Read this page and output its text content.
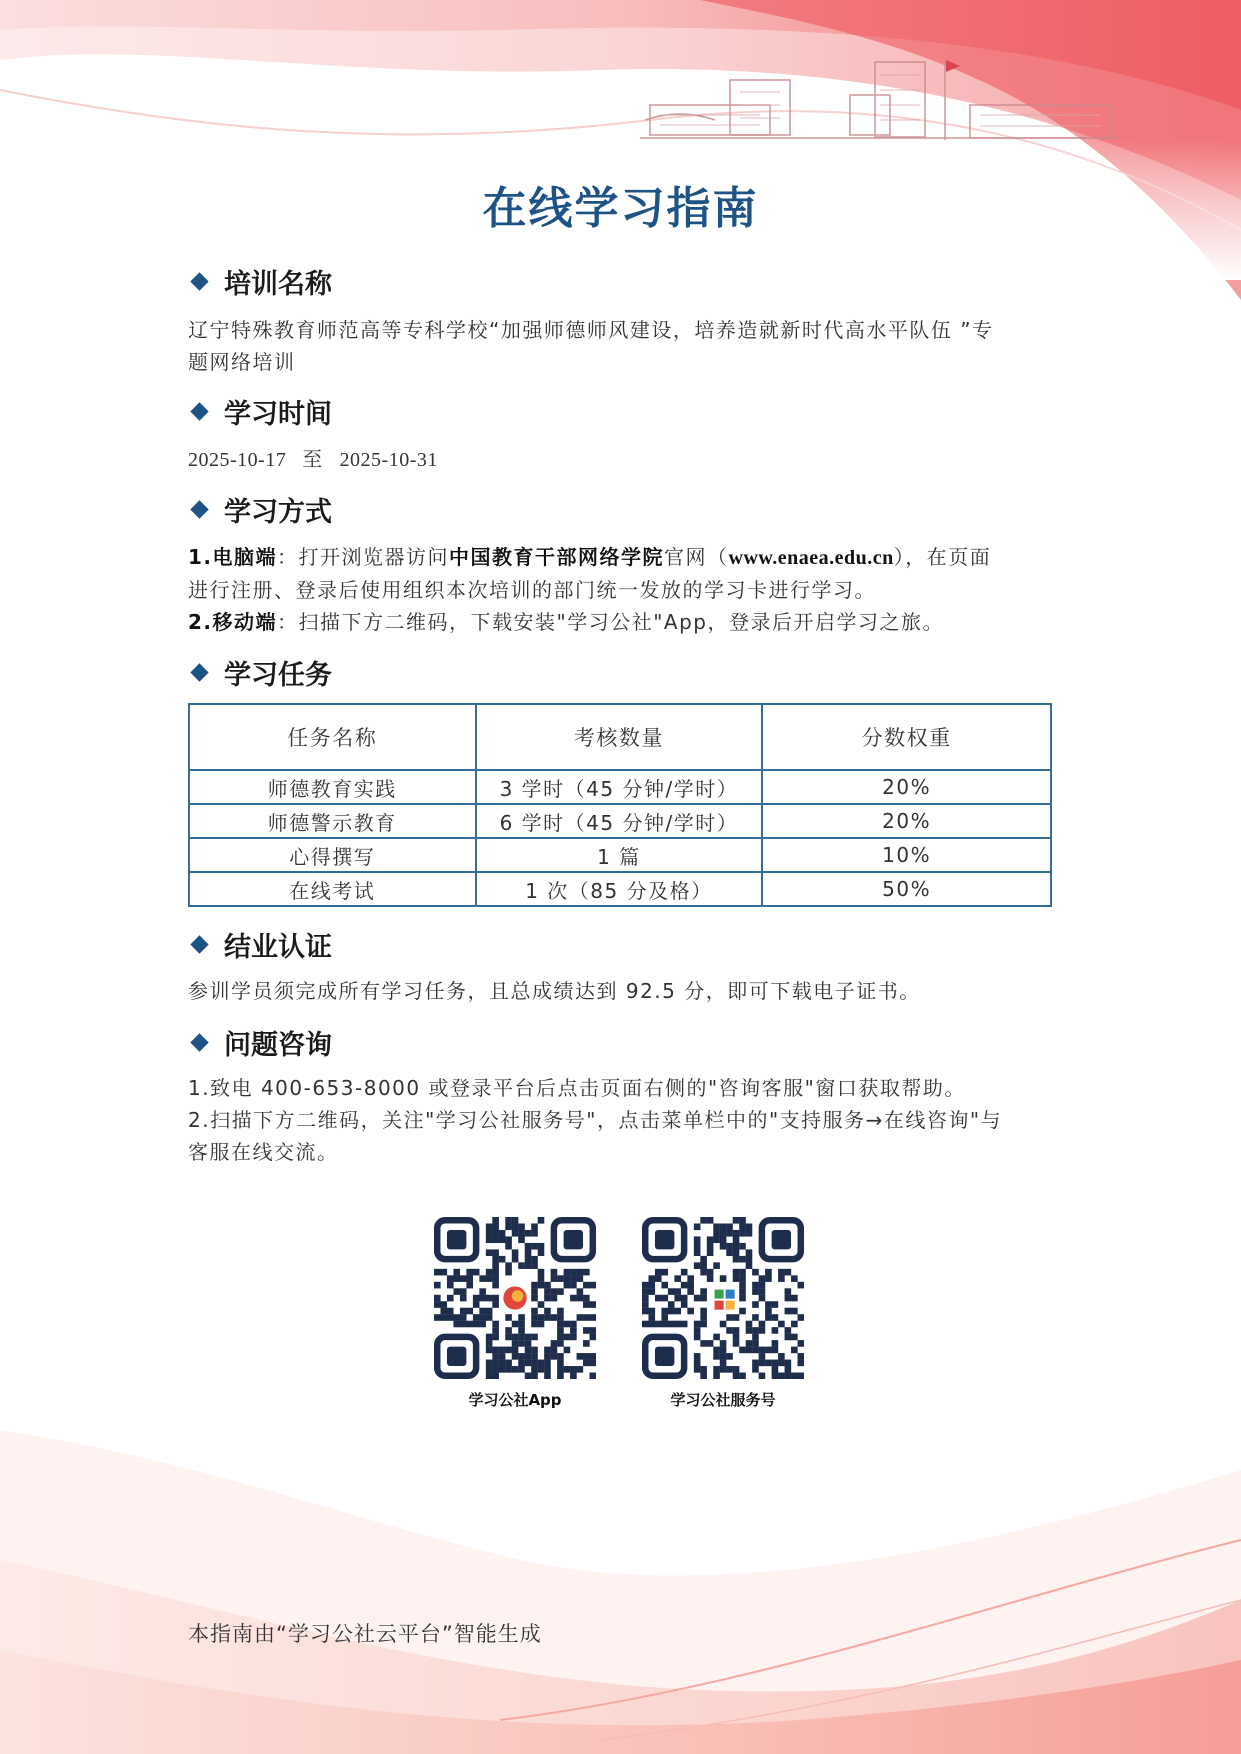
在线学习指南
培训名称
辽宁特殊教育师范高等专科学校“加强师德师风建设，培养造就新时代高水平队伍 ”专
题网络培训
学习时间
2025-10-17 至 2025-10-31
学习方式
1.电脑端：打开浏览器访问中国教育干部网络学院官网（www.enaea.edu.cn），在页面
进行注册、登录后使用组织本次培训的部门统一发放的学习卡进行学习。
2.移动端：扫描下方二维码，下载安装"学习公社"App，登录后开启学习之旅。
学习任务
任务名称	考核数量	分数权重
师德教育实践	3 学时（45 分钟/学时）	20%
师德警示教育	6 学时（45 分钟/学时）	20%
心得撰写	1 篇	10%
在线考试	1 次（85 分及格）	50%
结业认证
参训学员须完成所有学习任务，且总成绩达到 92.5 分，即可下载电子证书。
问题咨询
1.致电 400-653-8000 或登录平台后点击页面右侧的"咨询客服"窗口获取帮助。
2.扫描下方二维码，关注"学习公社服务号"，点击菜单栏中的"支持服务→在线咨询"与
客服在线交流。
学习公社App	学习公社服务号
本指南由“学习公社云平台”智能生成
